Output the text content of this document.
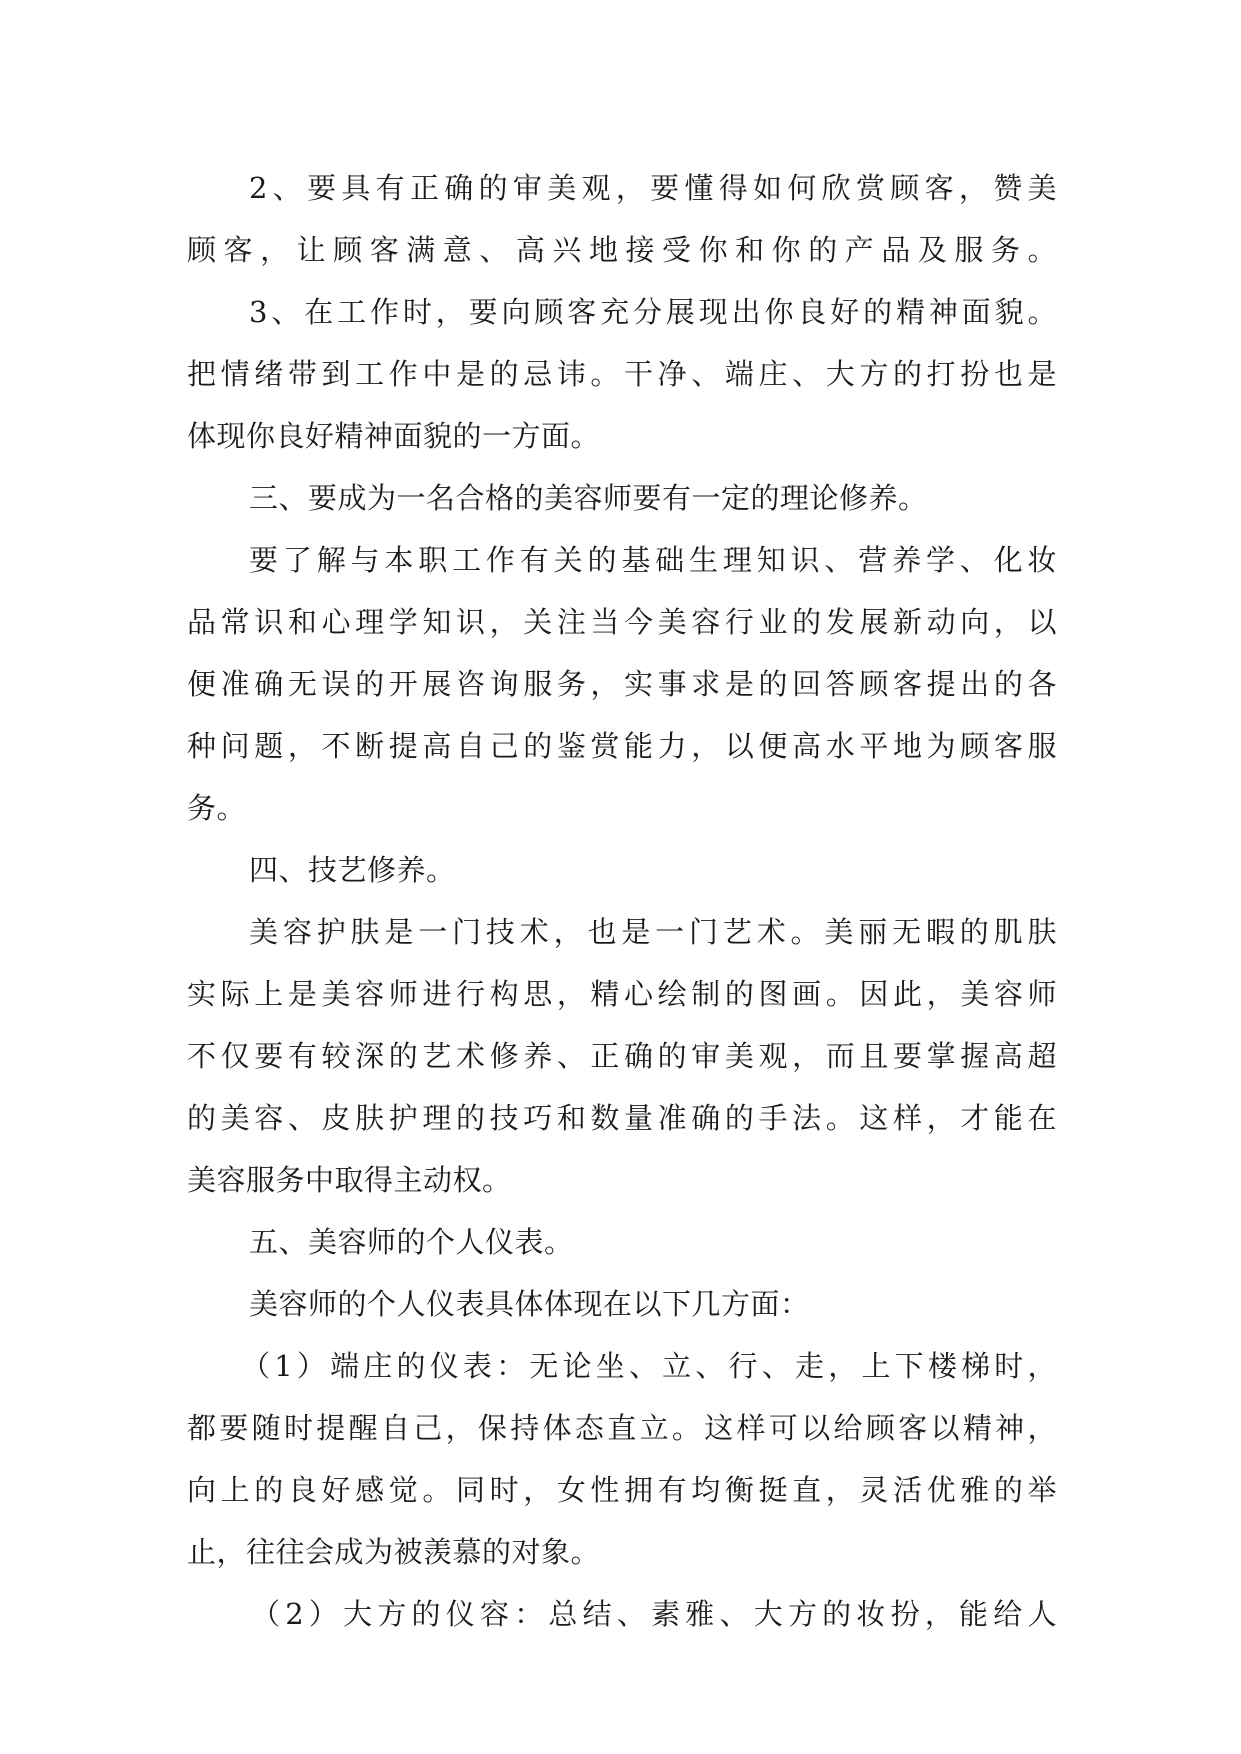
2、要具有正确的审美观，要懂得如何欣赏顾客，赞美
顾客，让顾客满意、高兴地接受你和你的产品及服务。
3、在工作时，要向顾客充分展现出你良好的精神面貌。
把情绪带到工作中是的忌讳。干净、端庄、大方的打扮也是
体现你良好精神面貌的一方面。
三、要成为一名合格的美容师要有一定的理论修养。
要了解与本职工作有关的基础生理知识、营养学、化妆
品常识和心理学知识，关注当今美容行业的发展新动向，以
便准确无误的开展咨询服务，实事求是的回答顾客提出的各
种问题，不断提高自己的鉴赏能力，以便高水平地为顾客服
务。
四、技艺修养。
美容护肤是一门技术，也是一门艺术。美丽无暇的肌肤
实际上是美容师进行构思，精心绘制的图画。因此，美容师
不仅要有较深的艺术修养、正确的审美观，而且要掌握高超
的美容、皮肤护理的技巧和数量准确的手法。这样，才能在
美容服务中取得主动权。
五、美容师的个人仪表。
美容师的个人仪表具体体现在以下几方面：
（1）端庄的仪表：无论坐、立、行、走，上下楼梯时，
都要随时提醒自己，保持体态直立。这样可以给顾客以精神，
向上的良好感觉。同时，女性拥有均衡挺直，灵活优雅的举
止，往往会成为被羡慕的对象。
（2）大方的仪容：总结、素雅、大方的妆扮，能给人
